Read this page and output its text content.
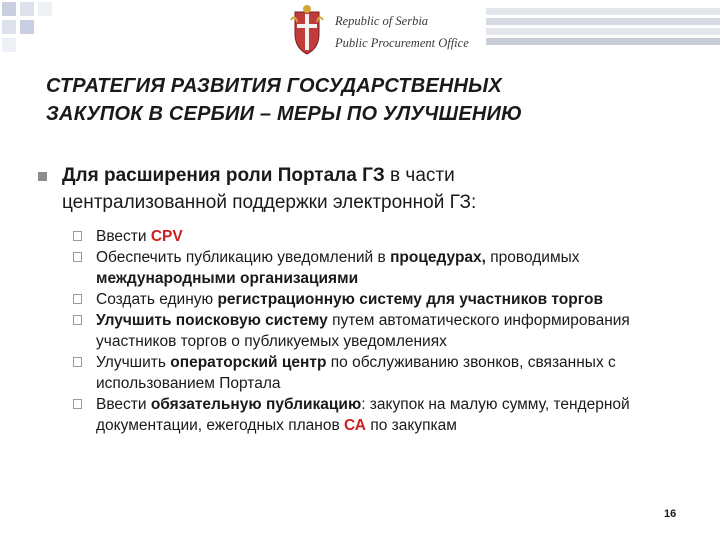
Republic of Serbia
Public Procurement Office
СТРАТЕГИЯ РАЗВИТИЯ ГОСУДАРСТВЕННЫХ
ЗАКУПОК В СЕРБИИ – МЕРЫ ПО УЛУЧШЕНИЮ
Для расширения роли Портала ГЗ в части
централизованной поддержки электронной ГЗ:
Ввести CPV
Обеспечить публикацию уведомлений в процедурах, проводимых международными организациями
Создать единую регистрационную систему для участников торгов
Улучшить поисковую систему путем автоматического информирования участников торгов о публикуемых уведомлениях
Улучшить операторский центр по обслуживанию звонков, связанных с использованием Портала
Ввести обязательную публикацию: закупок на малую сумму, тендерной документации, ежегодных планов СА по закупкам
16
